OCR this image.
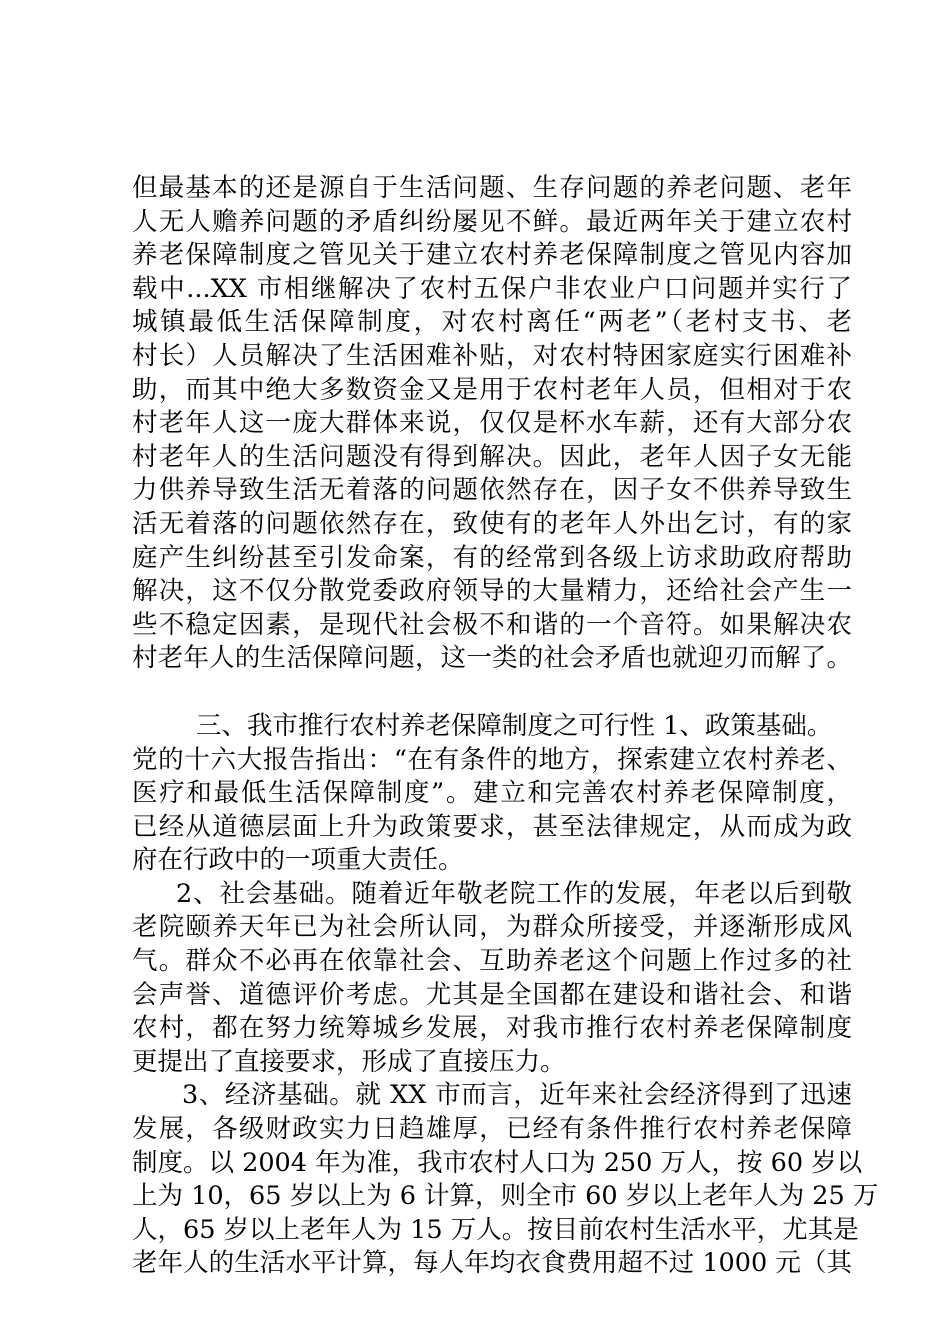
但最基本的还是源自于生活问题、生存问题的养老问题、老年
人无人赡养问题的矛盾纠纷屡见不鲜。最近两年关于建立农村
养老保障制度之管见关于建立农村养老保障制度之管见内容加
载中...XX 市相继解决了农村五保户非农业户口问题并实行了
城镇最低生活保障制度，对农村离任“两老”（老村支书、老
村长）人员解决了生活困难补贴，对农村特困家庭实行困难补
助，而其中绝大多数资金又是用于农村老年人员，但相对于农
村老年人这一庞大群体来说，仅仅是杯水车薪，还有大部分农
村老年人的生活问题没有得到解决。因此，老年人因子女无能
力供养导致生活无着落的问题依然存在，因子女不供养导致生
活无着落的问题依然存在，致使有的老年人外出乞讨，有的家
庭产生纠纷甚至引发命案，有的经常到各级上访求助政府帮助
解决，这不仅分散党委政府领导的大量精力，还给社会产生一
些不稳定因素，是现代社会极不和谐的一个音符。如果解决农
村老年人的生活保障问题，这一类的社会矛盾也就迎刃而解了。
三、我市推行农村养老保障制度之可行性 1、政策基础。
党的十六大报告指出：“在有条件的地方，探索建立农村养老、
医疗和最低生活保障制度”。建立和完善农村养老保障制度，
已经从道德层面上升为政策要求，甚至法律规定，从而成为政
府在行政中的一项重大责任。
2、社会基础。随着近年敬老院工作的发展，年老以后到敬
老院颐养天年已为社会所认同，为群众所接受，并逐渐形成风
气。群众不必再在依靠社会、互助养老这个问题上作过多的社
会声誉、道德评价考虑。尤其是全国都在建设和谐社会、和谐
农村，都在努力统筹城乡发展，对我市推行农村养老保障制度
更提出了直接要求，形成了直接压力。
3、经济基础。就 XX 市而言，近年来社会经济得到了迅速
发展，各级财政实力日趋雄厚，已经有条件推行农村养老保障
制度。以 2004 年为准，我市农村人口为 250 万人，按 60 岁以
上为 10，65 岁以上为 6 计算，则全市 60 岁以上老年人为 25 万
人，65 岁以上老年人为 15 万人。按目前农村生活水平，尤其是
老年人的生活水平计算，每人年均衣食费用超不过 1000 元（其
